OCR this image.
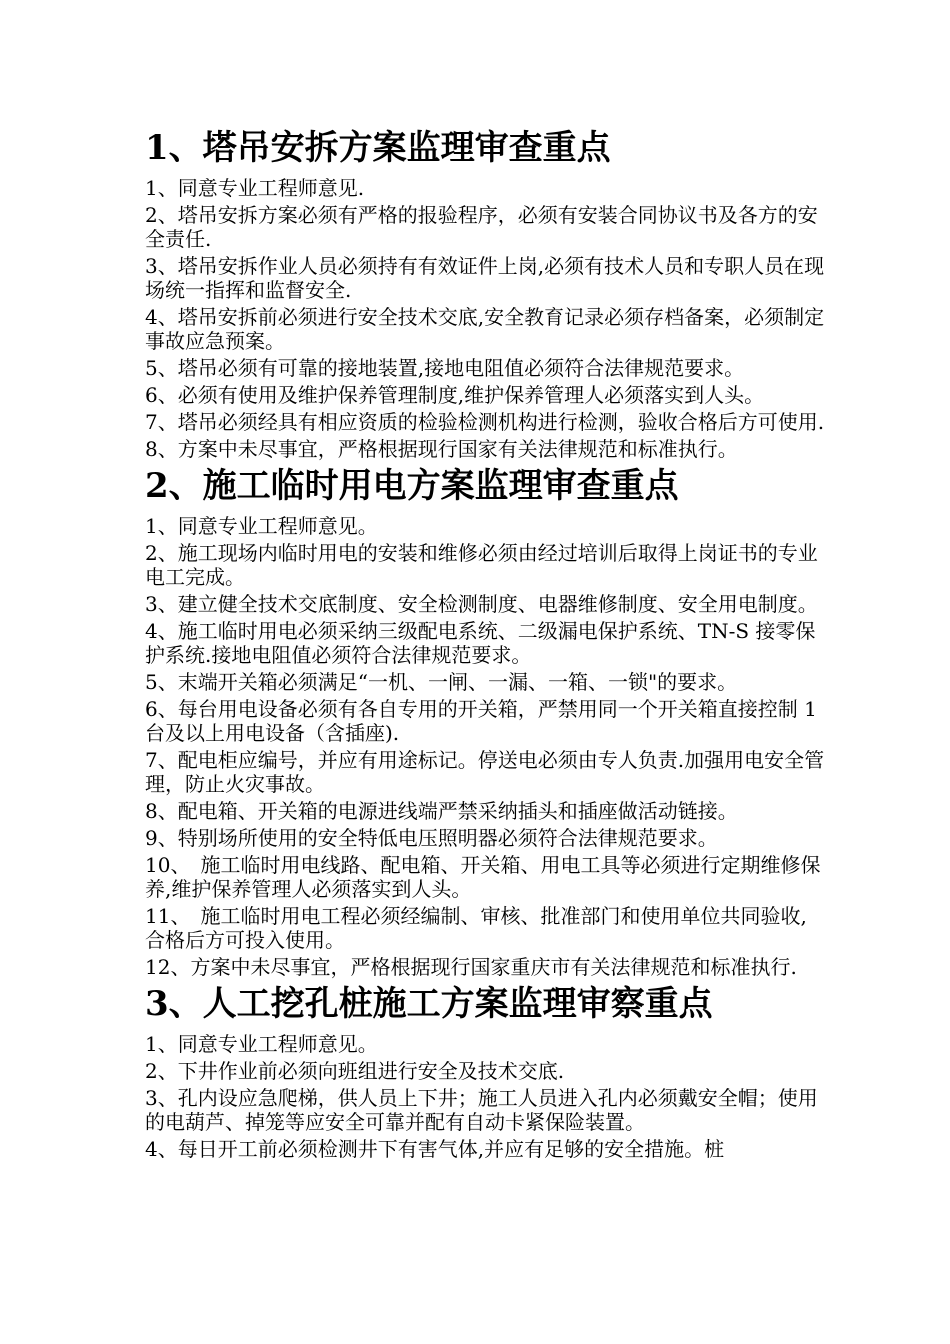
1、塔吊安拆方案监理审查重点

1、同意专业工程师意见.

2、塔吊安拆方案必须有严格的报验程序，必须有安装合同协议书及各方的安全责任.

3、塔吊安拆作业人员必须持有有效证件上岗,必须有技术人员和专职人员在现场统一指挥和监督安全.

4、塔吊安拆前必须进行安全技术交底,安全教育记录必须存档备案，必须制定事故应急预案。

5、塔吊必须有可靠的接地装置,接地电阻值必须符合法律规范要求。

6、必须有使用及维护保养管理制度,维护保养管理人必须落实到人头。

7、塔吊必须经具有相应资质的检验检测机构进行检测，验收合格后方可使用.

8、方案中未尽事宜，严格根据现行国家有关法律规范和标准执行。

2、施工临时用电方案监理审查重点

1、同意专业工程师意见。

2、施工现场内临时用电的安装和维修必须由经过培训后取得上岗证书的专业电工完成。

3、建立健全技术交底制度、安全检测制度、电器维修制度、安全用电制度。

4、施工临时用电必须采纳三级配电系统、二级漏电保护系统、TN-S 接零保护系统.接地电阻值必须符合法律规范要求。

5、末端开关箱必须满足“一机、一闸、一漏、一箱、一锁"的要求。

6、每台用电设备必须有各自专用的开关箱，严禁用同一个开关箱直接控制 1 台及以上用电设备（含插座).

7、配电柜应编号，并应有用途标记。停送电必须由专人负责.加强用电安全管理，防止火灾事故。

8、配电箱、开关箱的电源进线端严禁采纳插头和插座做活动链接。

9、特别场所使用的安全特低电压照明器必须符合法律规范要求。

10、　施工临时用电线路、配电箱、开关箱、用电工具等必须进行定期维修保养,维护保养管理人必须落实到人头。

11、　施工临时用电工程必须经编制、审核、批准部门和使用单位共同验收,合格后方可投入使用。

12、方案中未尽事宜，严格根据现行国家重庆市有关法律规范和标准执行.

3、人工挖孔桩施工方案监理审察重点

1、同意专业工程师意见。

2、下井作业前必须向班组进行安全及技术交底.

3、孔内设应急爬梯，供人员上下井；施工人员进入孔内必须戴安全帽；使用的电葫芦、掉笼等应安全可靠并配有自动卡紧保险装置。

4、每日开工前必须检测井下有害气体,并应有足够的安全措施。桩
